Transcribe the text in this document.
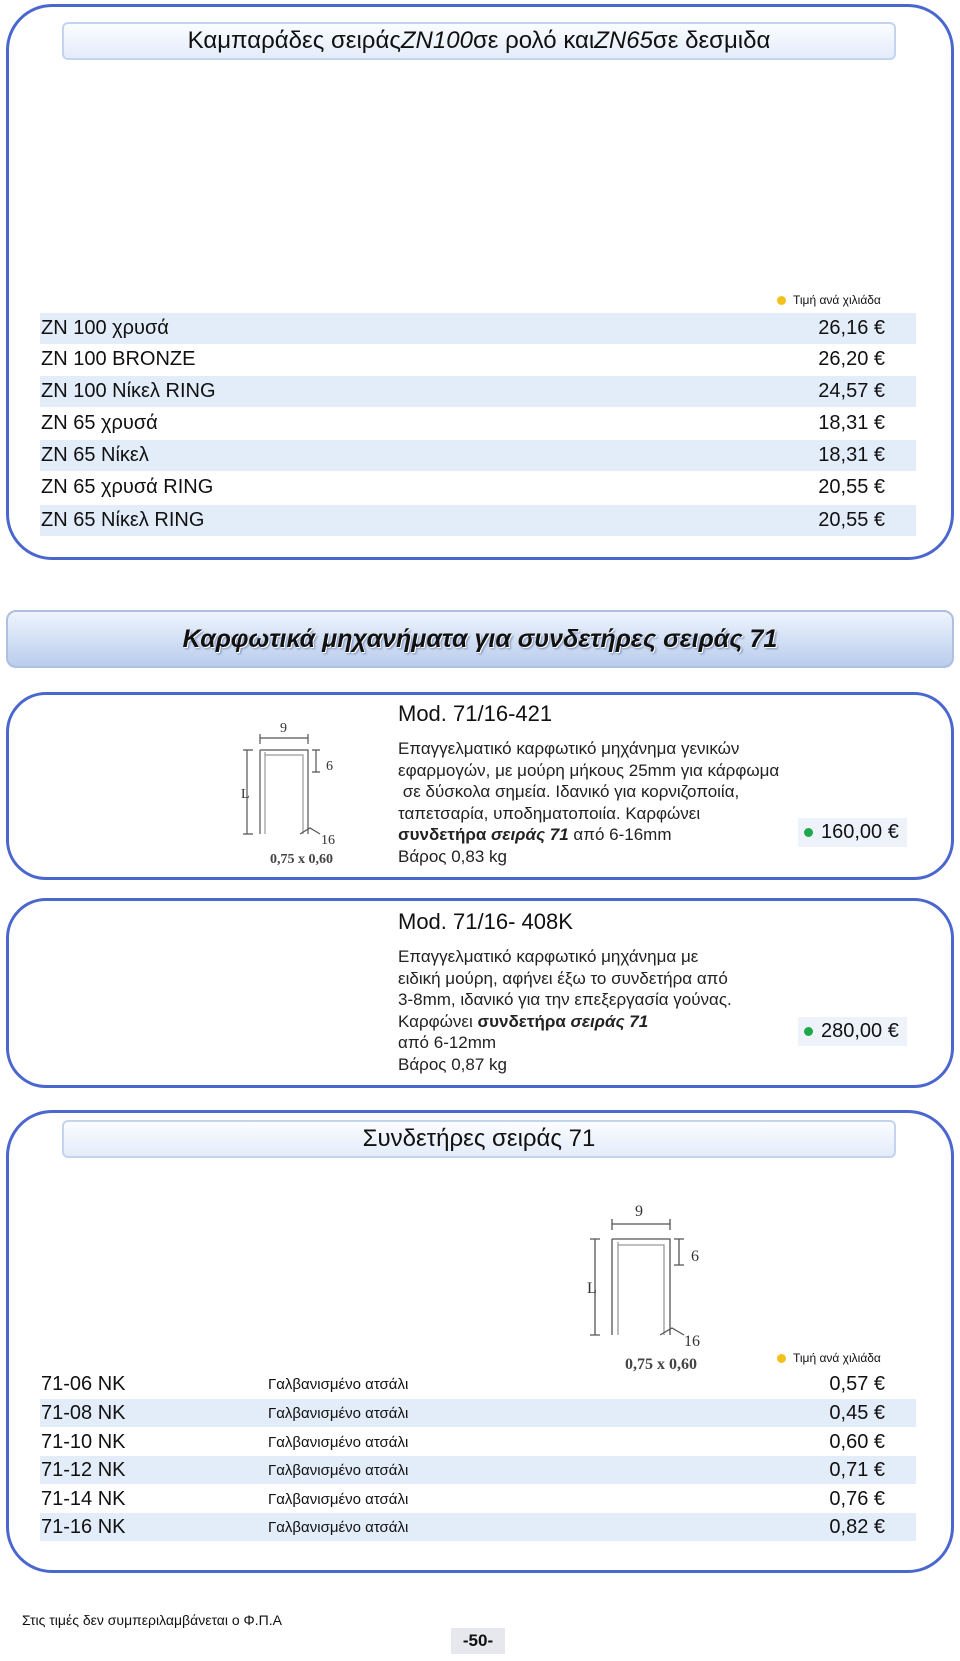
Καμπαράδες σειράς ΖΝ100 σε ρολό και ΖΝ65 σε δεσμιδα
Τιμή ανά χιλιάδα
ΖΝ 100 χρυσά	26,16 €
ΖΝ 100 BRONZE	26,20 €
ΖΝ 100 Νίκελ RING	24,57 €
ΖΝ 65 χρυσά	18,31 €
ΖΝ 65 Νίκελ	18,31 €
ΖΝ 65 χρυσά RING	20,55 €
ΖΝ 65 Νίκελ RING	20,55 €
Καρφωτικά μηχανήματα για συνδετήρες σειράς 71
9
L
6
16
0,75 x 0,60
Mod. 71/16-421
Επαγγελματικό καρφωτικό μηχάνημα γενικών
εφαρμογών, με μούρη μήκους 25mm για κάρφωμα
σε δύσκολα σημεία. Ιδανικό για κορνιζοποιία,
ταπετσαρία, υποδηματοποιία. Καρφώνει
συνδετήρα σειράς 71 από 6-16mm
Βάρος 0,83 kg
160,00 €
Mod. 71/16- 408K
Επαγγελματικό καρφωτικό μηχάνημα με
ειδική μούρη, αφήνει έξω το συνδετήρα από
3-8mm, ιδανικό για την επεξεργασία γούνας.
Καρφώνει συνδετήρα σειράς 71
από 6-12mm
Βάρος 0,87 kg
280,00 €
Συνδετήρες σειράς 71
9
L
6
16
0,75 x 0,60	Τιμή ανά χιλιάδα
71-06 NK	Γαλβανισμένο ατσάλι	0,57 €
71-08 NK	Γαλβανισμένο ατσάλι	0,45 €
71-10 NK	Γαλβανισμένο ατσάλι	0,60 €
71-12 NK	Γαλβανισμένο ατσάλι	0,71 €
71-14 NK	Γαλβανισμένο ατσάλι	0,76 €
71-16 NK	Γαλβανισμένο ατσάλι	0,82 €
Στις τιμές δεν συμπεριλαμβάνεται ο Φ.Π.Α
-50-
